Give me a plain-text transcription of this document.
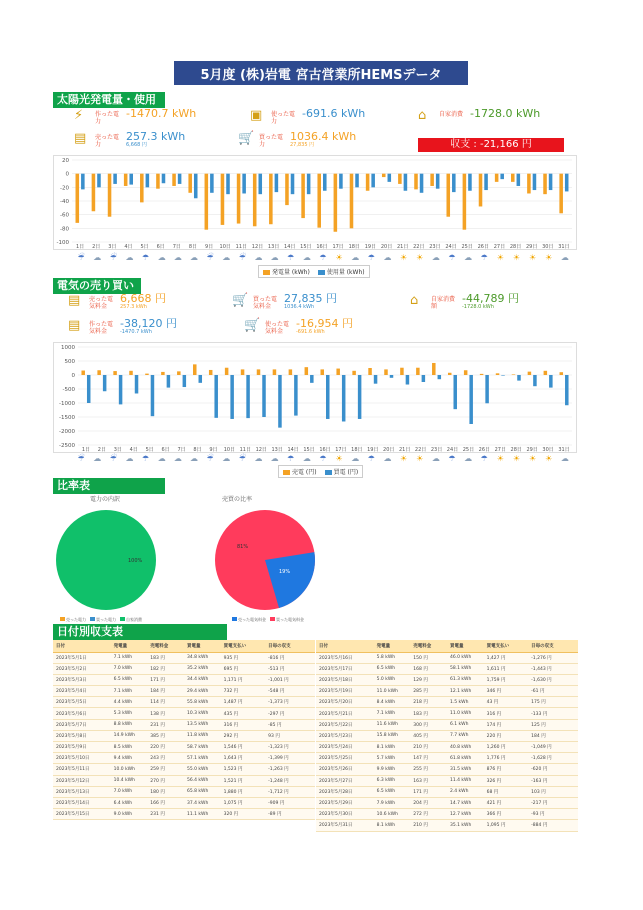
5月度 (株)岩電 宮古営業所HEMSデータ
太陽光発電量・使用量 ⚡	作った電力
-1470.7 kWh	▣	使った電力
-691.6 kWh	⌂	自家消費 -1728.0 kWh
▤	売った電力
257.3 kWh
6,668 円	🛒 買った電力
1036.4 kWh
27,835 円	収支 : -21,166 円
20
0
-20
-40
-60
-80
-100
1日 2日 3日 4日 5日 6日 7日 8日 9日 10日 11日 12日 13日 14日 15日 16日 17日 18日 19日 20日 21日 22日 23日 24日 25日 26日 27日 28日 29日 30日 31日
☔	☁	☔	☁	☂	☁	☁	☁	☔	☁	☔	☁	☁	☂	☁	☂	☀	☁	☂	☁	☀	☀	☁	☂	☁	☂	☀	☀	☀	☀	☁
発電量 (kWh)	使用量 (kWh)
電気の売り買い
▤	売った電気料金
6,668 円
257.3 kWh	🛒 買った電気料金
27,835 円
1036.4 kWh	⌂	自家消費額
-44,789 円
-1728.0 kWh
▤	作った電気料金
-38,120 円
-1470.7 kWh	🛒 使った電気料金
-16,954 円
-691.6 kWh
1000
500
0
-500
-1000
-1500
-2000
-2500
1日 2日 3日 4日 5日 6日 7日 8日 9日 10日 11日 12日 13日 14日 15日 16日 17日 18日 19日 20日 21日 22日 23日 24日 25日 26日 27日 28日 29日 30日 31日
☔	☁	☔	☁	☂	☁	☁	☁	☔	☁	☔	☁	☁	☂	☁	☂	☀	☁	☂	☁	☀	☀	☁	☂	☁	☂	☀	☀	☀	☀	☁
売電 (円)	買電 (円)
比率表
電力の内訳	売買の比率
100%
81%
19%
売った電力	買った電力	自家消費	売った電気料金	買った電気料金
日付別収支表
日付	発電量	売電料金	買電量	買電支払い	日毎の収支
2023年5月1日	7.1 kWh	183 円	34.8 kWh	935 円	-816 円
2023年5月2日	7.0 kWh	182 円	35.2 kWh	695 円	-513 円
2023年5月3日	6.5 kWh	171 円	34.4 kWh	1,171 円	-1,001 円
2023年5月4日	7.1 kWh	184 円	29.4 kWh	732 円	-548 円
2023年5月5日	4.4 kWh	114 円	55.8 kWh	1,487 円	-1,373 円
2023年5月6日	5.3 kWh	138 円	10.3 kWh	435 円	-297 円
2023年5月7日	8.8 kWh	231 円	13.5 kWh	316 円	-85 円
2023年5月8日	14.9 kWh	385 円	11.8 kWh	292 円	93 円
2023年5月9日	8.5 kWh	220 円	58.7 kWh	1,546 円	-1,323 円
2023年5月10日	9.4 kWh	243 円	57.1 kWh	1,643 円	-1,399 円
2023年5月11日	10.0 kWh	259 円	55.0 kWh	1,523 円	-1,263 円
2023年5月12日	10.4 kWh	270 円	56.4 kWh	1,521 円	-1,248 円
2023年5月13日	7.0 kWh	180 円	65.8 kWh	1,880 円	-1,712 円
2023年5月14日	6.4 kWh	166 円	37.4 kWh	1,075 円	-909 円
2023年5月15日	9.0 kWh	231 円	11.1 kWh	320 円	-89 円
日付	発電量	売電料金	買電量	買電支払い	日毎の収支
2023年5月16日	5.8 kWh	150 円	46.0 kWh	1,427 円	-1,276 円
2023年5月17日	6.5 kWh	168 円	58.1 kWh	1,611 円	-1,443 円
2023年5月18日	5.0 kWh	129 円	61.3 kWh	1,759 円	-1,630 円
2023年5月19日	11.0 kWh	285 円	12.1 kWh	346 円	-61 円
2023年5月20日	8.4 kWh	218 円	1.5 kWh	43 円	175 円
2023年5月21日	7.1 kWh	183 円	11.0 kWh	316 円	-133 円
2023年5月22日	11.6 kWh	300 円	6.1 kWh	174 円	125 円
2023年5月23日	15.8 kWh	405 円	7.7 kWh	220 円	184 円
2023年5月24日	8.1 kWh	210 円	40.8 kWh	1,260 円	-1,049 円
2023年5月25日	5.7 kWh	147 円	61.8 kWh	1,776 円	-1,628 円
2023年5月26日	9.9 kWh	255 円	31.5 kWh	876 円	-620 円
2023年5月27日	6.3 kWh	163 円	11.4 kWh	326 円	-163 円
2023年5月28日	6.5 kWh	171 円	2.4 kWh	68 円	103 円
2023年5月29日	7.9 kWh	204 円	14.7 kWh	421 円	-217 円
2023年5月30日	10.6 kWh	272 円	12.7 kWh	366 円	-93 円
2023年5月31日	8.1 kWh	210 円	35.1 kWh	1,095 円	-884 円
